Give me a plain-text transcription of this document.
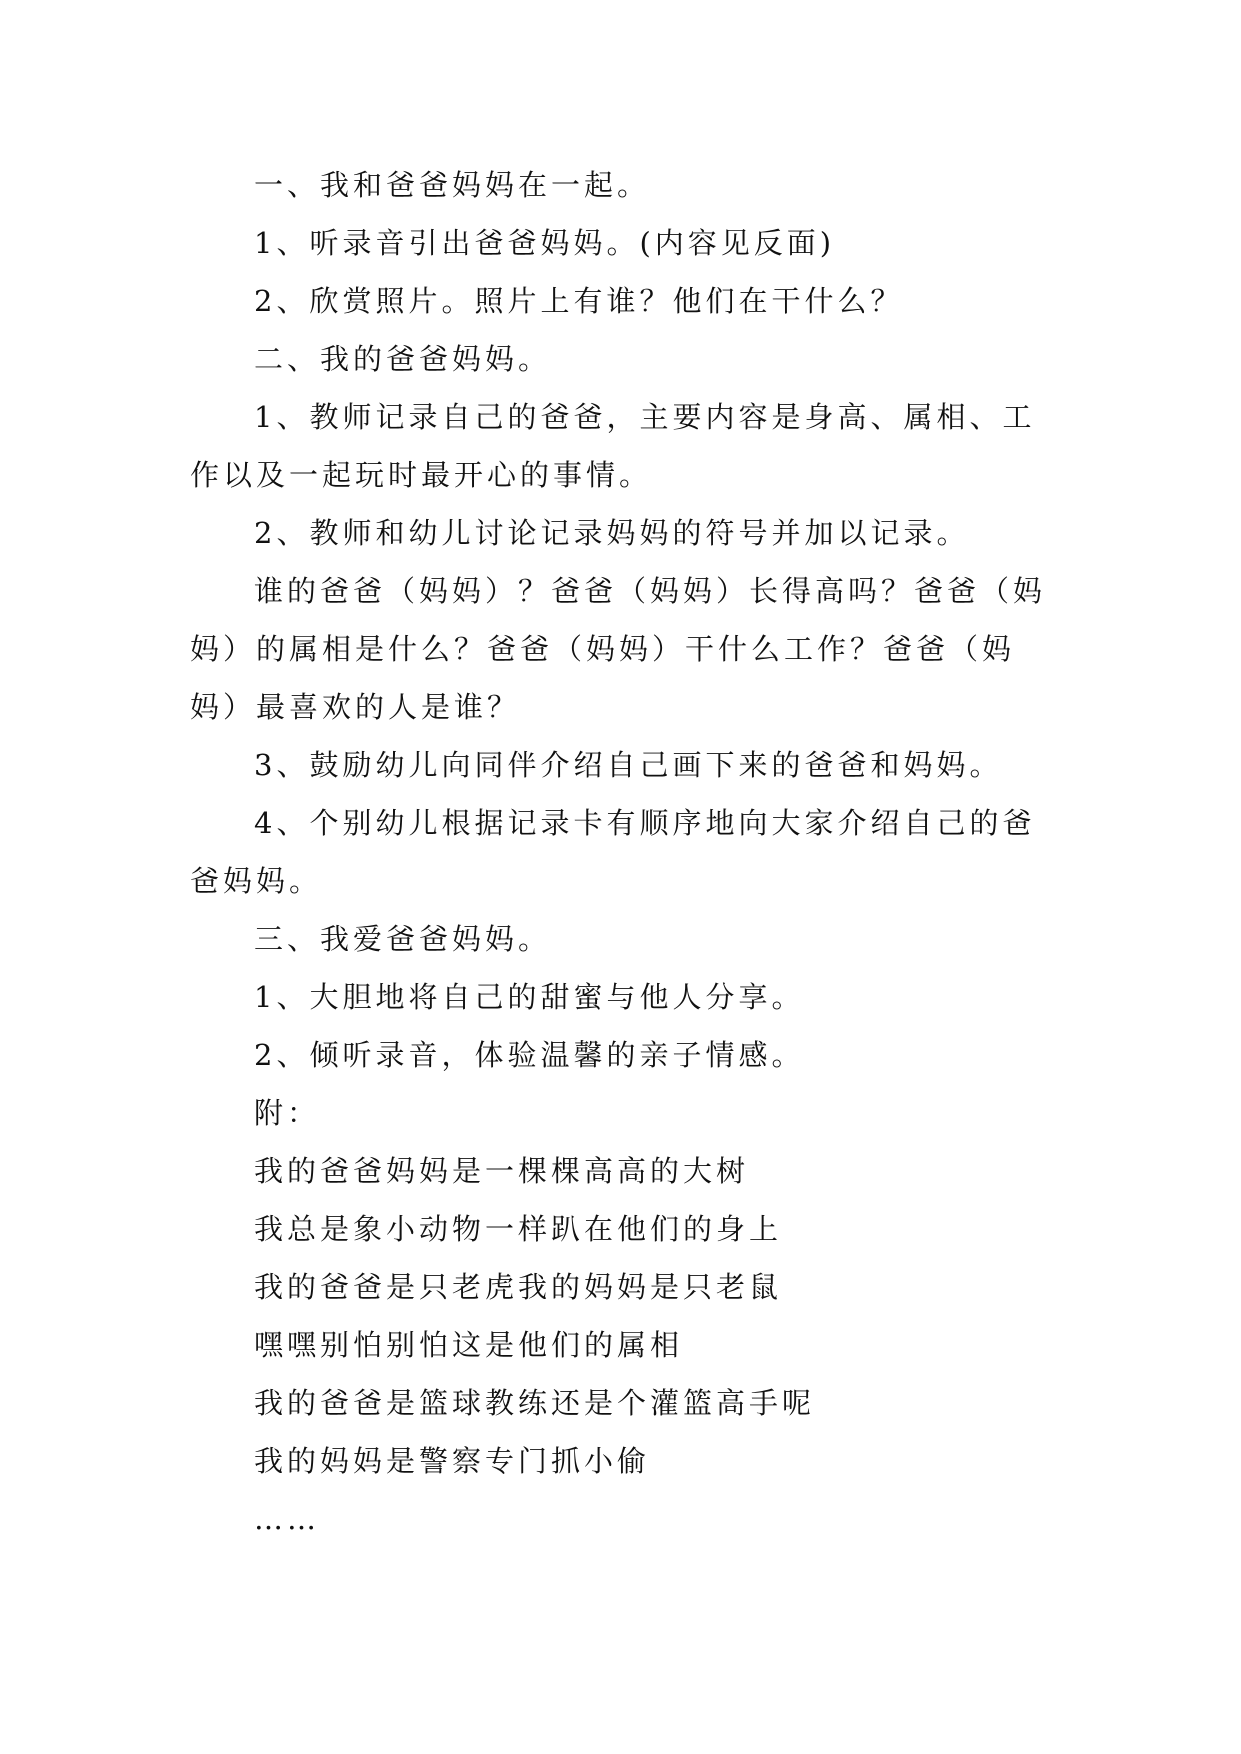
一、我和爸爸妈妈在一起。

1、听录音引出爸爸妈妈。(内容见反面)

2、欣赏照片。照片上有谁？他们在干什么？

二、我的爸爸妈妈。

1、教师记录自己的爸爸，主要内容是身高、属相、工作以及一起玩时最开心的事情。

2、教师和幼儿讨论记录妈妈的符号并加以记录。

谁的爸爸（妈妈）？爸爸（妈妈）长得高吗？爸爸（妈妈）的属相是什么？爸爸（妈妈）干什么工作？爸爸（妈妈）最喜欢的人是谁？

3、鼓励幼儿向同伴介绍自己画下来的爸爸和妈妈。

4、个别幼儿根据记录卡有顺序地向大家介绍自己的爸爸妈妈。

三、我爱爸爸妈妈。

1、大胆地将自己的甜蜜与他人分享。

2、倾听录音，体验温馨的亲子情感。

附：

我的爸爸妈妈是一棵棵高高的大树

我总是象小动物一样趴在他们的身上

我的爸爸是只老虎我的妈妈是只老鼠

嘿嘿别怕别怕这是他们的属相

我的爸爸是篮球教练还是个灌篮高手呢

我的妈妈是警察专门抓小偷

……
